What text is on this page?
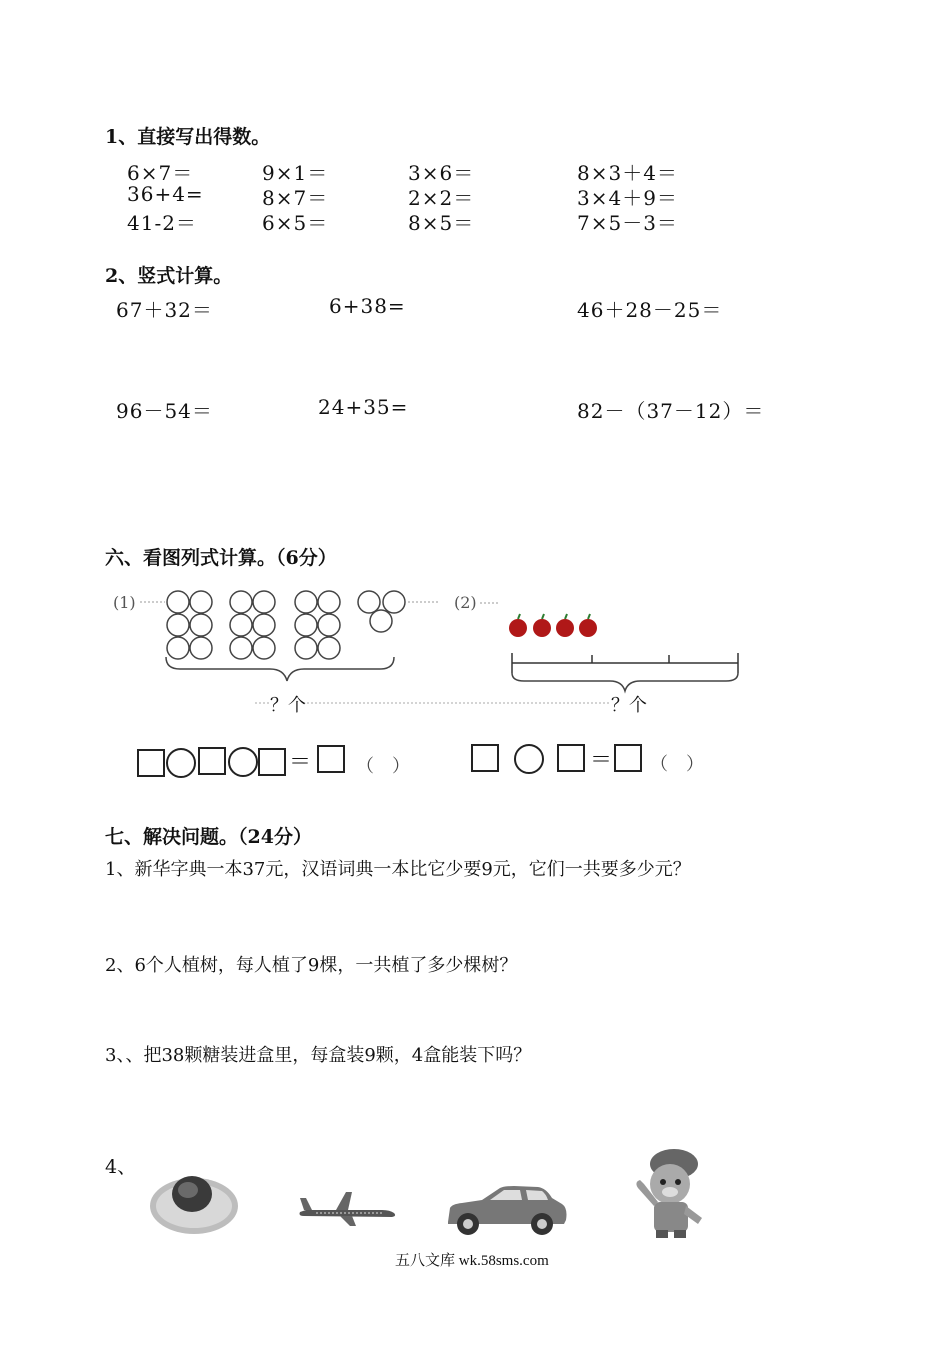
1、直接写出得数。
6×7＝	9×1＝	3×6＝	8×3＋4＝
36+4=	8×7＝	2×2＝	3×4＋9＝
41-2＝	6×5＝	8×5＝	7×5－3＝
2、竖式计算。
67＋32＝	6+38=	46＋28－25＝
96－54＝	24+35=	82－（37－12）＝
六、看图列式计算。（6分）
(1)	(2)
？个	？个
＝ （　）	＝ （　）
七、解决问题。（24分）
1、新华字典一本37元，汉语词典一本比它少要9元，它们一共要多少元？
2、6个人植树，每人植了9棵，一共植了多少棵树？
3、、把38颗糖装进盒里，每盒装9颗，4盒能装下吗？
4、
五八文库 wk.58sms.com
